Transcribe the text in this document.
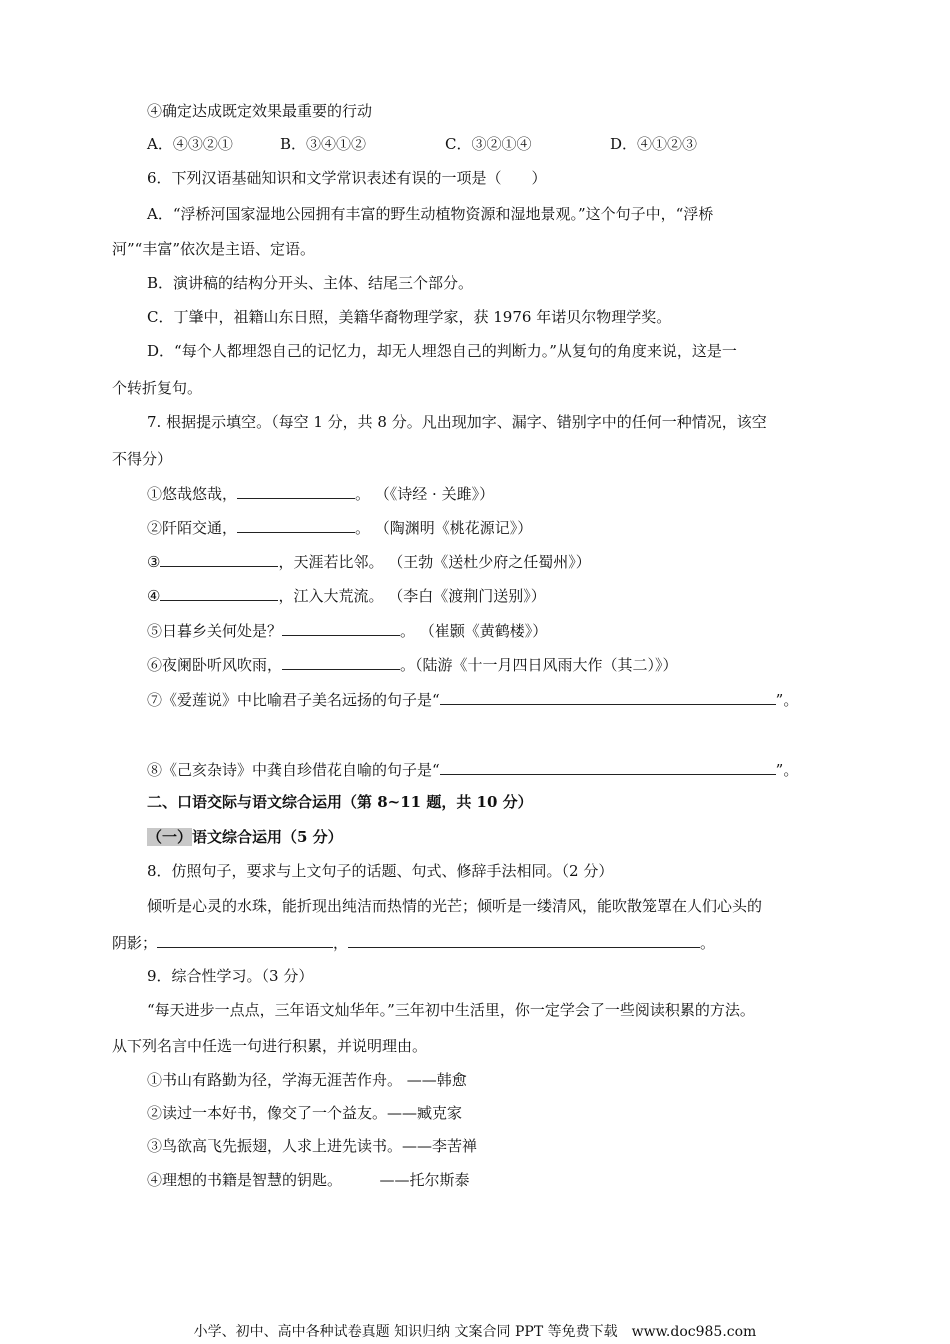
④确定达成既定效果最重要的行动
A．④③②①	B．③④①②	C．③②①④	D．④①②③
6．下列汉语基础知识和文学常识表述有误的一项是（　　）
A．“浮桥河国家湿地公园拥有丰富的野生动植物资源和湿地景观。”这个句子中，“浮桥
河”“丰富”依次是主语、定语。
B．演讲稿的结构分开头、主体、结尾三个部分。
C．丁肇中，祖籍山东日照，美籍华裔物理学家，获 1976 年诺贝尔物理学奖。
D．“每个人都埋怨自己的记忆力，却无人埋怨自己的判断力。”从复句的角度来说，这是一
个转折复句。
7. 根据提示填空。（每空 1 分，共 8 分。凡出现加字、漏字、错别字中的任何一种情况，该空
不得分）
①悠哉悠哉，	。 （《诗经 · 关雎》）
②阡陌交通，	。 （陶渊明《桃花源记》）
③	，天涯若比邻。 （王勃《送杜少府之任蜀州》）
④	，江入大荒流。 （李白《渡荆门送别》）
⑤日暮乡关何处是？	。 （崔颢《黄鹤楼》）
⑥夜阑卧听风吹雨，	。（陆游《十一月四日风雨大作（其二）》）
⑦《爱莲说》中比喻君子美名远扬的句子是“	”。
⑧《己亥杂诗》中龚自珍借花自喻的句子是“	”。
二、口语交际与语文综合运用（第 8~11 题，共 10 分）
（一）语文综合运用（5 分）
8．仿照句子，要求与上文句子的话题、句式、修辞手法相同。（2 分）
倾听是心灵的水珠，能折现出纯洁而热情的光芒；倾听是一缕清风，能吹散笼罩在人们心头的
阴影；	，	。
9．综合性学习。（3 分）
“每天进步一点点，三年语文灿华年。”三年初中生活里，你一定学会了一些阅读积累的方法。
从下列名言中任选一句进行积累，并说明理由。
①书山有路勤为径，学海无涯苦作舟。 ——韩愈
②读过一本好书，像交了一个益友。——臧克家
③鸟欲高飞先振翅，人求上进先读书。——李苦禅
④理想的书籍是智慧的钥匙。　　　——托尔斯泰
小学、初中、高中各种试卷真题 知识归纳 文案合同 PPT 等免费下载　www.doc985.com
